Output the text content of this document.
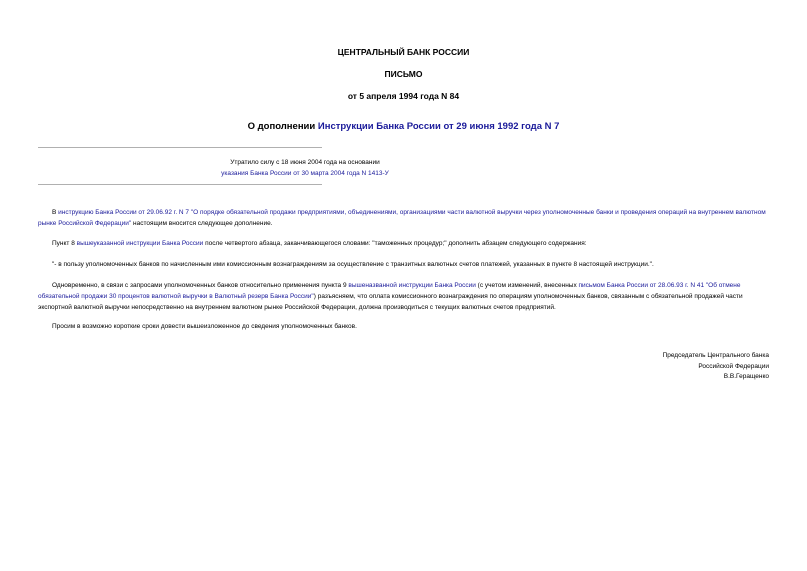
ЦЕНТРАЛЬНЫЙ БАНК РОССИИ
ПИСЬМО
от 5 апреля 1994 года N 84
О дополнении Инструкции Банка России от 29 июня 1992 года N 7
Утратило силу с 18 июня 2004 года на основании
указания Банка России от 30 марта 2004 года N 1413-У
В инструкцию Банка России от 29.06.92 г. N 7 "О порядке обязательной продажи предприятиями, объединениями, организациями части валютной выручки через уполномоченные банки и проведения операций на внутреннем валютном рынке Российской Федерации" настоящим вносится следующее дополнение.
Пункт 8 вышеуказанной инструкции Банка России после четвертого абзаца, заканчивающегося словами: "таможенных процедур;" дополнить абзацем следующего содержания:
"- в пользу уполномоченных банков по начисленным ими комиссионным вознаграждениям за осуществление с транзитных валютных счетов платежей, указанных в пункте 8 настоящей инструкции.".
Одновременно, в связи с запросами уполномоченных банков относительно применения пункта 9 вышеназванной инструкции Банка России (с учетом изменений, внесенных письмом Банка России от 28.06.93 г. N 41 "Об отмене обязательной продажи 30 процентов валютной выручки в Валютный резерв Банка России") разъясняем, что оплата комиссионного вознаграждения по операциям уполномоченных банков, связанным с обязательной продажей части экспортной валютной выручки непосредственно на внутреннем валютном рынке Российской Федерации, должна производиться с текущих валютных счетов предприятий.
Просим в возможно короткие сроки довести вышеизложенное до сведения уполномоченных банков.
Председатель Центрального банка
Российской Федерации
В.В.Геращенко
